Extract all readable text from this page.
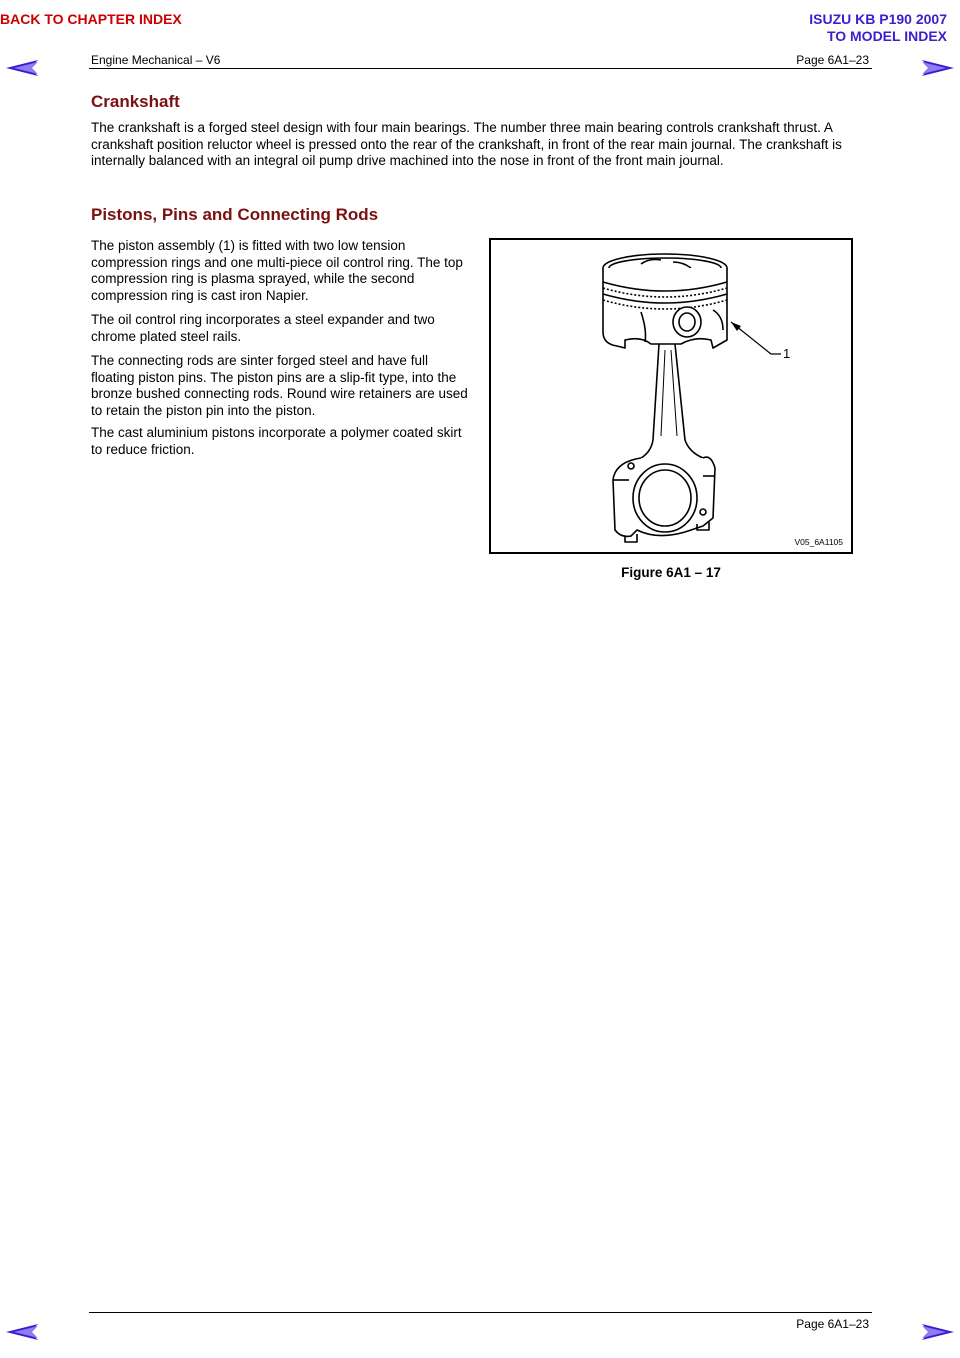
BACK TO CHAPTER INDEX	ISUZU KB P190 2007
TO MODEL INDEX
Engine Mechanical – V6	Page 6A1–23
Crankshaft

The crankshaft is a forged steel design with four main bearings. The number three main bearing controls crankshaft thrust. A crankshaft position reluctor wheel is pressed onto the rear of the crankshaft, in front of the rear main journal. The crankshaft is internally balanced with an integral oil pump drive machined into the nose in front of the front main journal.

Pistons, Pins and Connecting Rods

The piston assembly (1) is fitted with two low tension compression rings and one multi-piece oil control ring. The top compression ring is plasma sprayed, while the second compression ring is cast iron Napier.

The oil control ring incorporates a steel expander and two chrome plated steel rails.

The connecting rods are sinter forged steel and have full floating piston pins. The piston pins are a slip-fit type, into the bronze bushed connecting rods. Round wire retainers are used to retain the piston pin into the piston.

The cast aluminium pistons incorporate a polymer coated skirt to reduce friction.

1
V05_6A1105
Figure 6A1 – 17
Page 6A1–23
